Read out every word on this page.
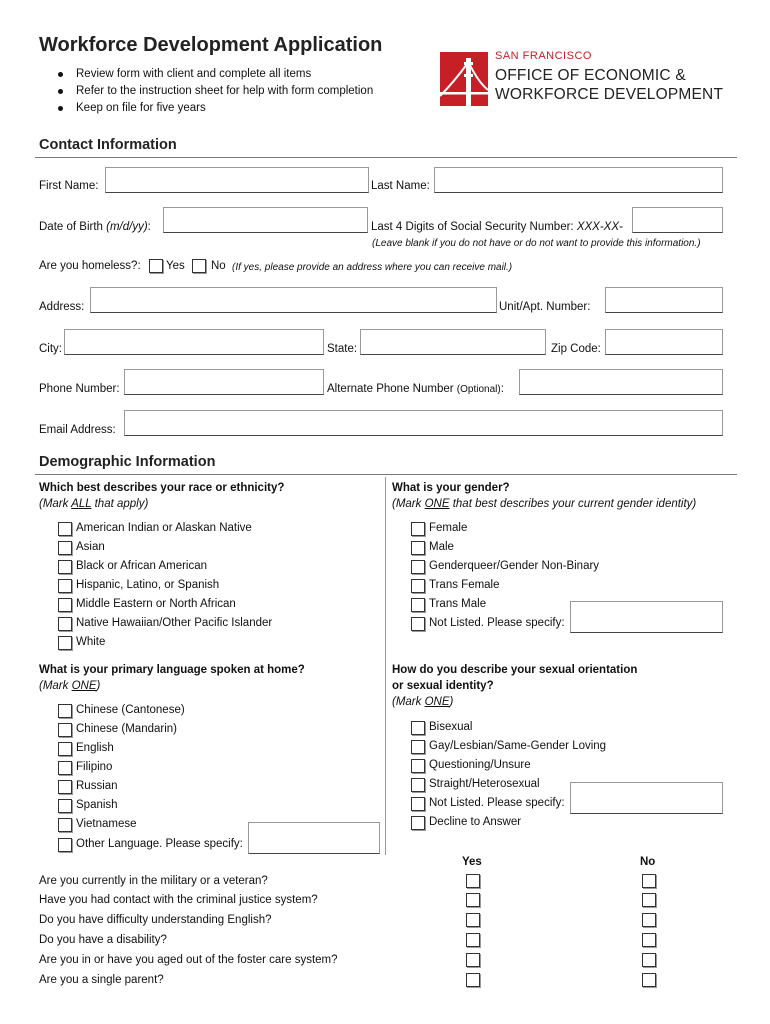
Workforce Development Application
Review form with client and complete all items
Refer to the instruction sheet for help with form completion
Keep on file for five years
SAN FRANCISCO
OFFICE OF ECONOMIC &
WORKFORCE DEVELOPMENT
Contact Information
First Name:	Last Name:
Date of Birth (m/d/yy):	Last 4 Digits of Social Security Number: XXX-XX-
(Leave blank if you do not have or do not want to provide this information.)
Are you homeless?: Yes No (If yes, please provide an address where you can receive mail.)
Address:	Unit/Apt. Number:
City:	State:	Zip Code:
Phone Number:	Alternate Phone Number (Optional):
Email Address:
Demographic Information
Which best describes your race or ethnicity?
(Mark ALL that apply)
American Indian or Alaskan Native
Asian
Black or African American
Hispanic, Latino, or Spanish
Middle Eastern or North African
Native Hawaiian/Other Pacific Islander
White
What is your gender?
(Mark ONE that best describes your current gender identity)
Female
Male
Genderqueer/Gender Non-Binary
Trans Female
Trans Male
Not Listed. Please specify:
What is your primary language spoken at home?
(Mark ONE)
Chinese (Cantonese)
Chinese (Mandarin)
English
Filipino
Russian
Spanish
Vietnamese
Other Language. Please specify:
How do you describe your sexual orientation
or sexual identity?
(Mark ONE)
Bisexual
Gay/Lesbian/Same-Gender Loving
Questioning/Unsure
Straight/Heterosexual
Not Listed. Please specify:
Decline to Answer
Yes	No
Are you currently in the military or a veteran?
Have you had contact with the criminal justice system?
Do you have difficulty understanding English?
Do you have a disability?
Are you in or have you aged out of the foster care system?
Are you a single parent?
